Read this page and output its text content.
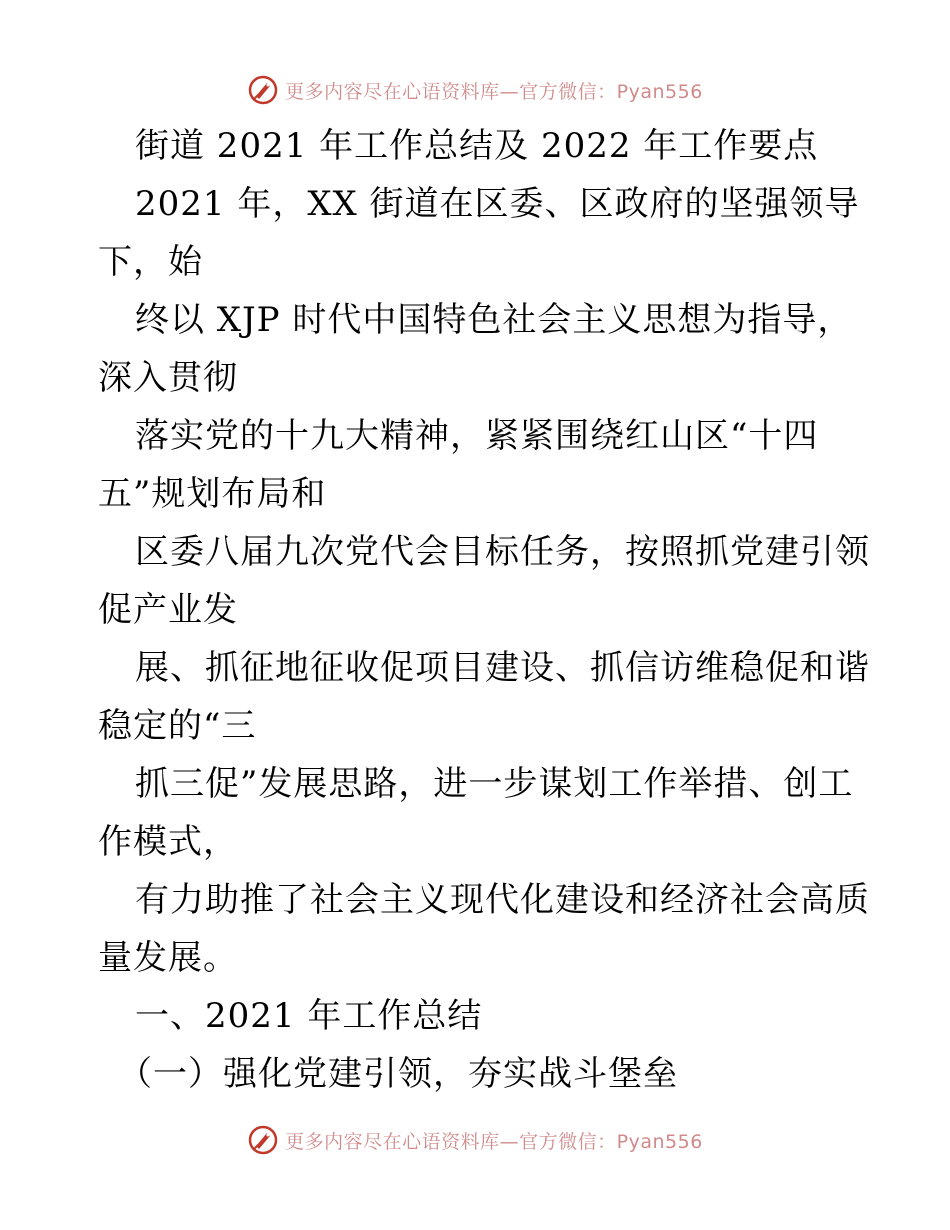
更多内容尽在心语资料库—官方微信：Pyan556
街道 2021 年工作总结及 2022 年工作要点
2021 年，XX 街道在区委、区政府的坚强领导
下，始
终以 XJP 时代中国特色社会主义思想为指导，
深入贯彻
落实党的十九大精神，紧紧围绕红山区“十四
五”规划布局和
区委八届九次党代会目标任务，按照抓党建引领
促产业发
展、抓征地征收促项目建设、抓信访维稳促和谐
稳定的“三
抓三促”发展思路，进一步谋划工作举措、创工
作模式，
有力助推了社会主义现代化建设和经济社会高质
量发展。
一、2021 年工作总结
（一）强化党建引领，夯实战斗堡垒
更多内容尽在心语资料库—官方微信：Pyan556
